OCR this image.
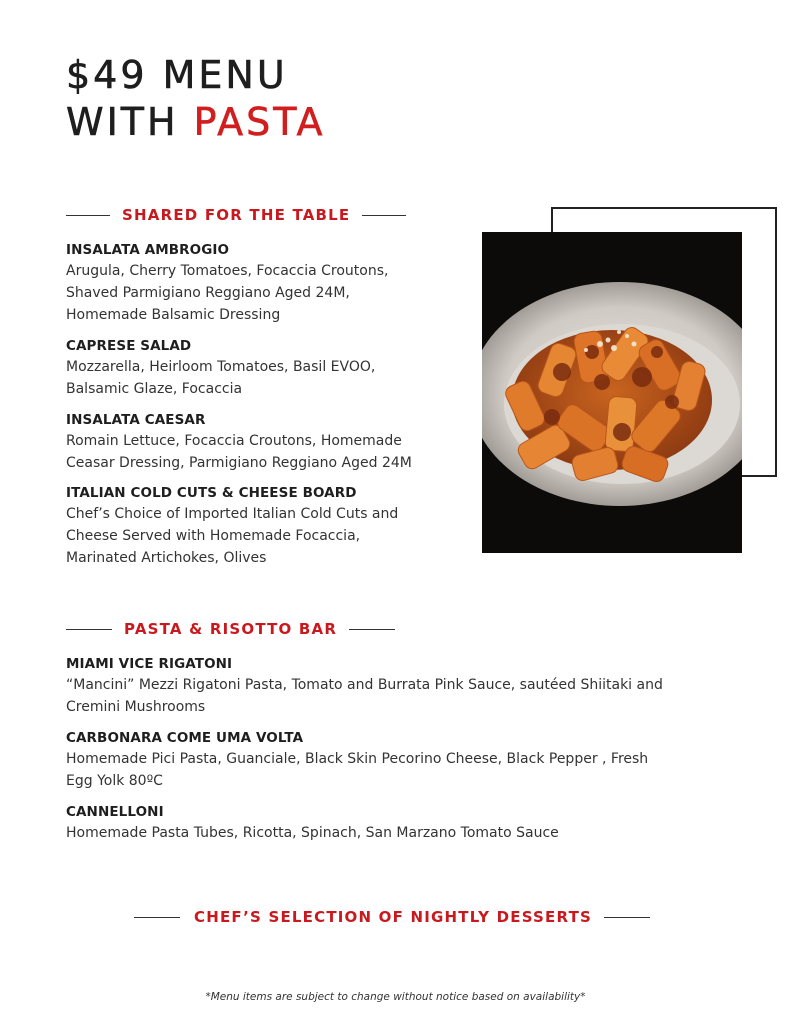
$49 MENU
WITH PASTA
SHARED FOR THE TABLE
INSALATA AMBROGIO
Arugula, Cherry Tomatoes, Focaccia Croutons,
Shaved Parmigiano Reggiano Aged 24M,
Homemade Balsamic Dressing
CAPRESE SALAD
Mozzarella, Heirloom Tomatoes, Basil EVOO,
Balsamic Glaze, Focaccia
INSALATA CAESAR
Romain Lettuce, Focaccia Croutons, Homemade
Ceasar Dressing, Parmigiano Reggiano Aged 24M
ITALIAN COLD CUTS & CHEESE BOARD
Chef’s Choice of Imported Italian Cold Cuts and
Cheese Served with Homemade Focaccia,
Marinated Artichokes, Olives
PASTA & RISOTTO BAR
MIAMI VICE RIGATONI
“Mancini” Mezzi Rigatoni Pasta, Tomato and Burrata Pink Sauce, sautéed Shiitaki and
Cremini Mushrooms
CARBONARA COME UMA VOLTA
Homemade Pici Pasta, Guanciale, Black Skin Pecorino Cheese, Black Pepper , Fresh
Egg Yolk 80ºC
CANNELLONI
Homemade Pasta Tubes, Ricotta, Spinach, San Marzano Tomato Sauce
CHEF’S SELECTION OF NIGHTLY DESSERTS
*Menu items are subject to change without notice based on availability*
